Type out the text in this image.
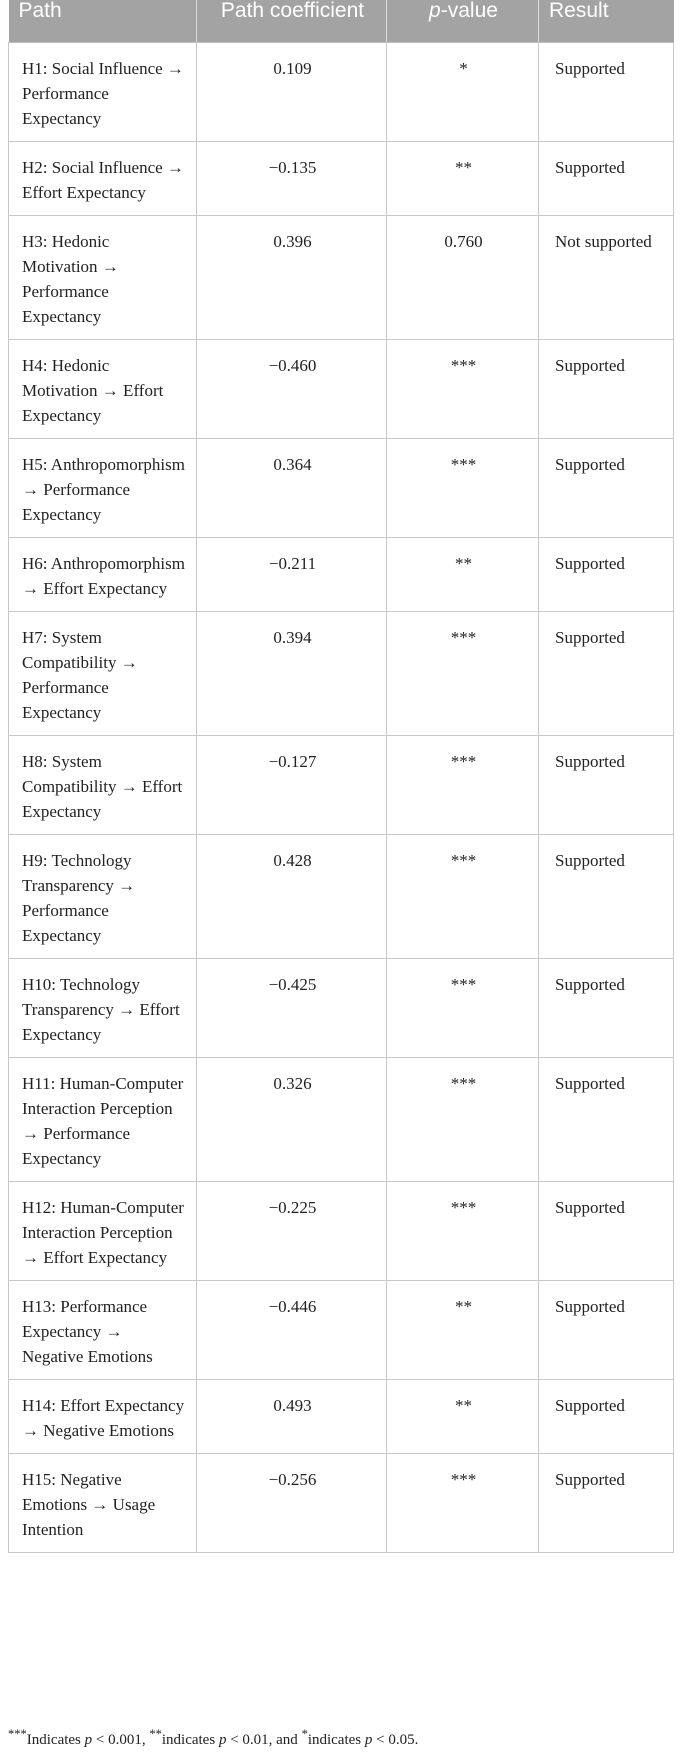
Path	Path coefficient	p-value	Result
H1: Social Influence → Performance Expectancy	0.109	*	Supported
H2: Social Influence → Effort Expectancy	−0.135	**	Supported
H3: Hedonic Motivation → Performance Expectancy	0.396	0.760	Not supported
H4: Hedonic Motivation → Effort Expectancy	−0.460	***	Supported
H5: Anthropomorphism → Performance Expectancy	0.364	***	Supported
H6: Anthropomorphism → Effort Expectancy	−0.211	**	Supported
H7: System Compatibility → Performance Expectancy	0.394	***	Supported
H8: System Compatibility → Effort Expectancy	−0.127	***	Supported
H9: Technology Transparency → Performance Expectancy	0.428	***	Supported
H10: Technology Transparency → Effort Expectancy	−0.425	***	Supported
H11: Human-Computer Interaction Perception → Performance Expectancy	0.326	***	Supported
H12: Human-Computer Interaction Perception → Effort Expectancy	−0.225	***	Supported
H13: Performance Expectancy → Negative Emotions	−0.446	**	Supported
H14: Effort Expectancy → Negative Emotions	0.493	**	Supported
H15: Negative Emotions → Usage Intention	−0.256	***	Supported
***Indicates p < 0.001, **indicates p < 0.01, and *indicates p < 0.05.
